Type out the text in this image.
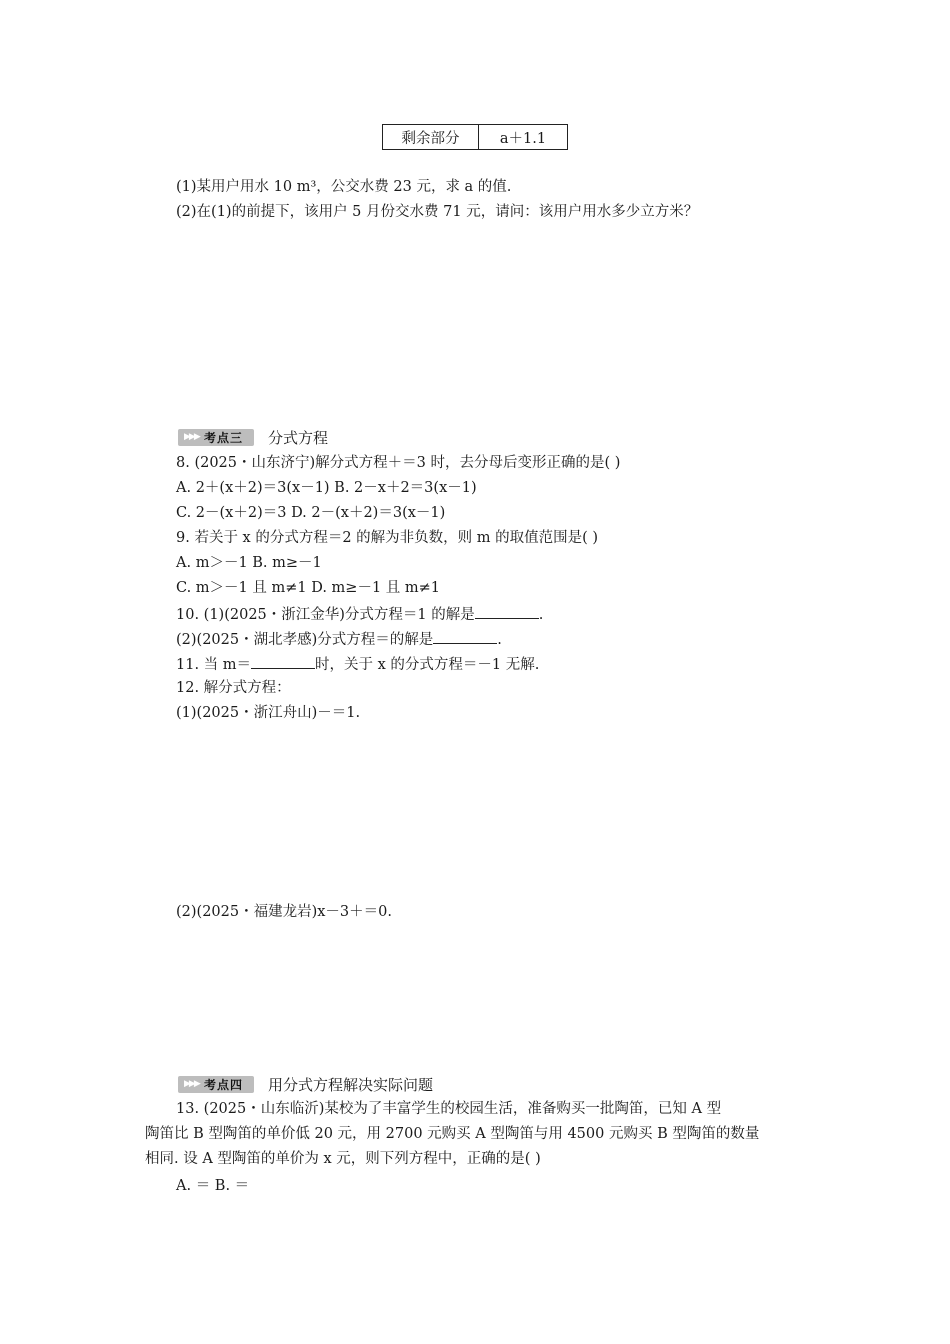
剩余部分	a＋1.1
(1)某用户用水 10 m³，公交水费 23 元，求 a 的值.
(2)在(1)的前提下，该用户 5 月份交水费 71 元，请问：该用户用水多少立方米？
▶▶▶ 考点三 分式方程
8. (2025・山东济宁)解分式方程＋＝3 时，去分母后变形正确的是( )
A. 2＋(x＋2)＝3(x－1) B. 2－x＋2＝3(x－1)
C. 2－(x＋2)＝3 D. 2－(x＋2)＝3(x－1)
9. 若关于 x 的分式方程＝2 的解为非负数，则 m 的取值范围是( )
A. m＞－1 B. m≥－1
C. m＞－1 且 m≠1 D. m≥－1 且 m≠1
10. (1)(2025・浙江金华)分式方程＝1 的解是	.
(2)(2025・湖北孝感)分式方程＝的解是	.
11. 当 m＝	时，关于 x 的分式方程＝－1 无解.
12. 解分式方程：
(1)(2025・浙江舟山)－＝1.
(2)(2025・福建龙岩)x－3＋＝0.
▶▶▶ 考点四 用分式方程解决实际问题
13. (2025・山东临沂)某校为了丰富学生的校园生活，准备购买一批陶笛，已知 A 型
陶笛比 B 型陶笛的单价低 20 元，用 2700 元购买 A 型陶笛与用 4500 元购买 B 型陶笛的数量
相同. 设 A 型陶笛的单价为 x 元，则下列方程中，正确的是( )
A. ＝ B. ＝
